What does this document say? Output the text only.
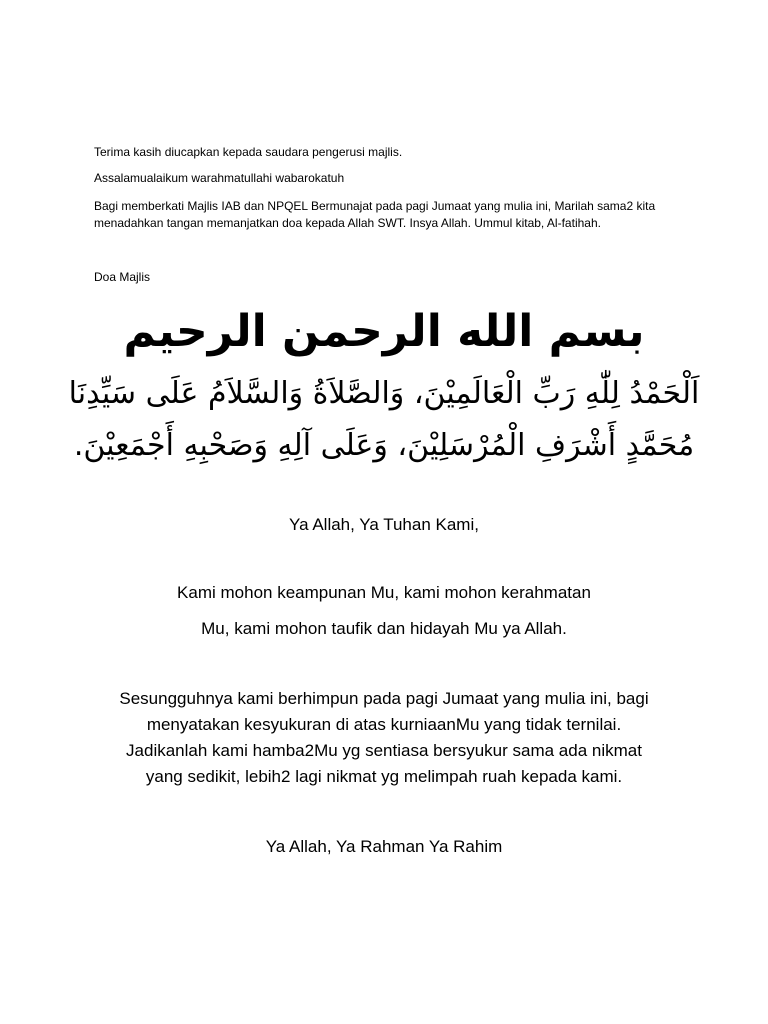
Terima kasih diucapkan kepada saudara pengerusi majlis.

Assalamualaikum warahmatullahi wabarokatuh

Bagi memberkati Majlis IAB dan NPQEL Bermunajat pada pagi Jumaat yang mulia ini, Marilah sama2 kita menadahkan tangan memanjatkan doa kepada Allah SWT. Insya Allah. Ummul kitab, Al-fatihah.

Doa Majlis

بسم الله الرحمن الرحيم

اَلْحَمْدُ لِلّٰهِ رَبِّ الْعَالَمِيْنَ، وَالصَّلاَةُ وَالسَّلاَمُ عَلَى سَيِّدِنَا

مُحَمَّدٍ أَشْرَفِ الْمُرْسَلِيْنَ، وَعَلَى آلِهِ وَصَحْبِهِ أَجْمَعِيْنَ.

Ya Allah, Ya Tuhan Kami,

Kami mohon keampunan Mu, kami mohon kerahmatan

Mu, kami mohon taufik dan hidayah Mu ya Allah.

Sesungguhnya kami berhimpun pada pagi Jumaat yang mulia ini, bagi
menyatakan kesyukuran di atas kurniaanMu yang tidak ternilai.
Jadikanlah kami hamba2Mu yg sentiasa bersyukur sama ada nikmat
yang sedikit, lebih2 lagi nikmat yg melimpah ruah kepada kami.

Ya Allah, Ya Rahman Ya Rahim
